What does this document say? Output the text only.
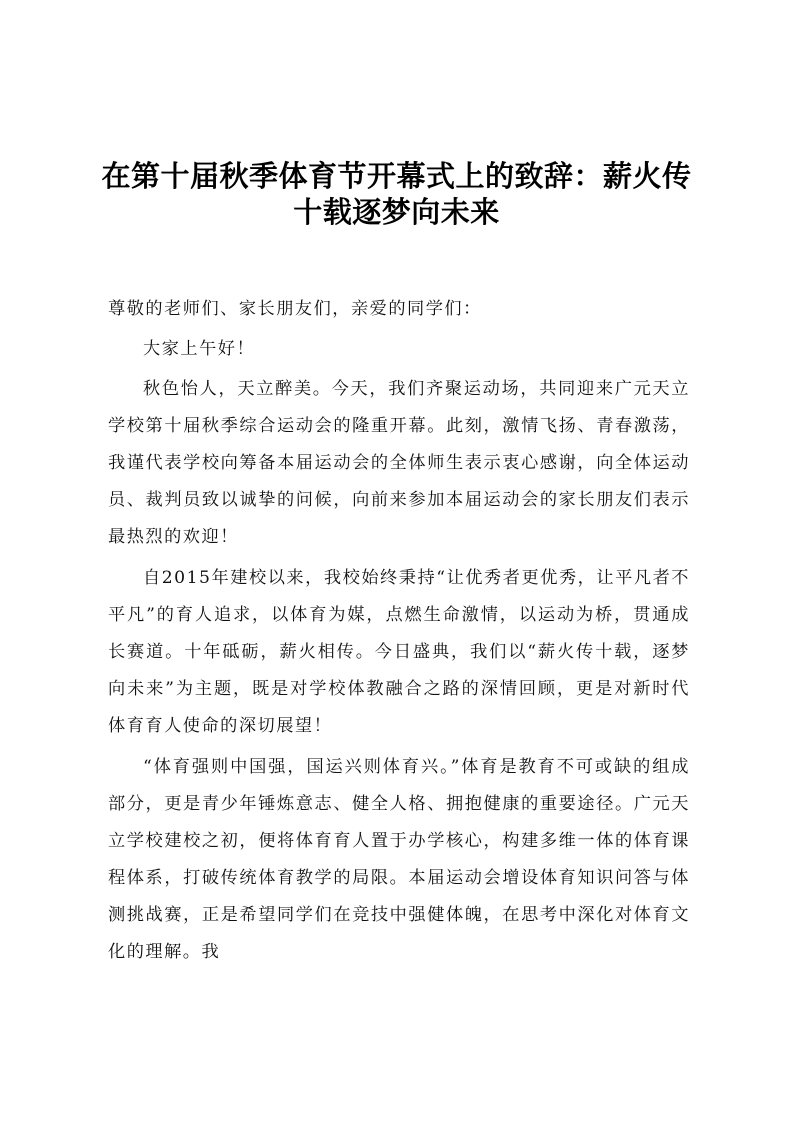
在第十届秋季体育节开幕式上的致辞：薪火传十载逐梦向未来

尊敬的老师们、家长朋友们，亲爱的同学们：

大家上午好！

秋色怡人，天立醉美。今天，我们齐聚运动场，共同迎来广元天立学校第十届秋季综合运动会的隆重开幕。此刻，激情飞扬、青春激荡，我谨代表学校向筹备本届运动会的全体师生表示衷心感谢，向全体运动员、裁判员致以诚挚的问候，向前来参加本届运动会的家长朋友们表示最热烈的欢迎！

自2015年建校以来，我校始终秉持“让优秀者更优秀，让平凡者不平凡”的育人追求，以体育为媒，点燃生命激情，以运动为桥，贯通成长赛道。十年砥砺，薪火相传。今日盛典，我们以“薪火传十载，逐梦向未来”为主题，既是对学校体教融合之路的深情回顾，更是对新时代体育育人使命的深切展望！

“体育强则中国强，国运兴则体育兴。”体育是教育不可或缺的组成部分，更是青少年锤炼意志、健全人格、拥抱健康的重要途径。广元天立学校建校之初，便将体育育人置于办学核心，构建多维一体的体育课程体系，打破传统体育教学的局限。本届运动会增设体育知识问答与体测挑战赛，正是希望同学们在竞技中强健体魄，在思考中深化对体育文化的理解。我
